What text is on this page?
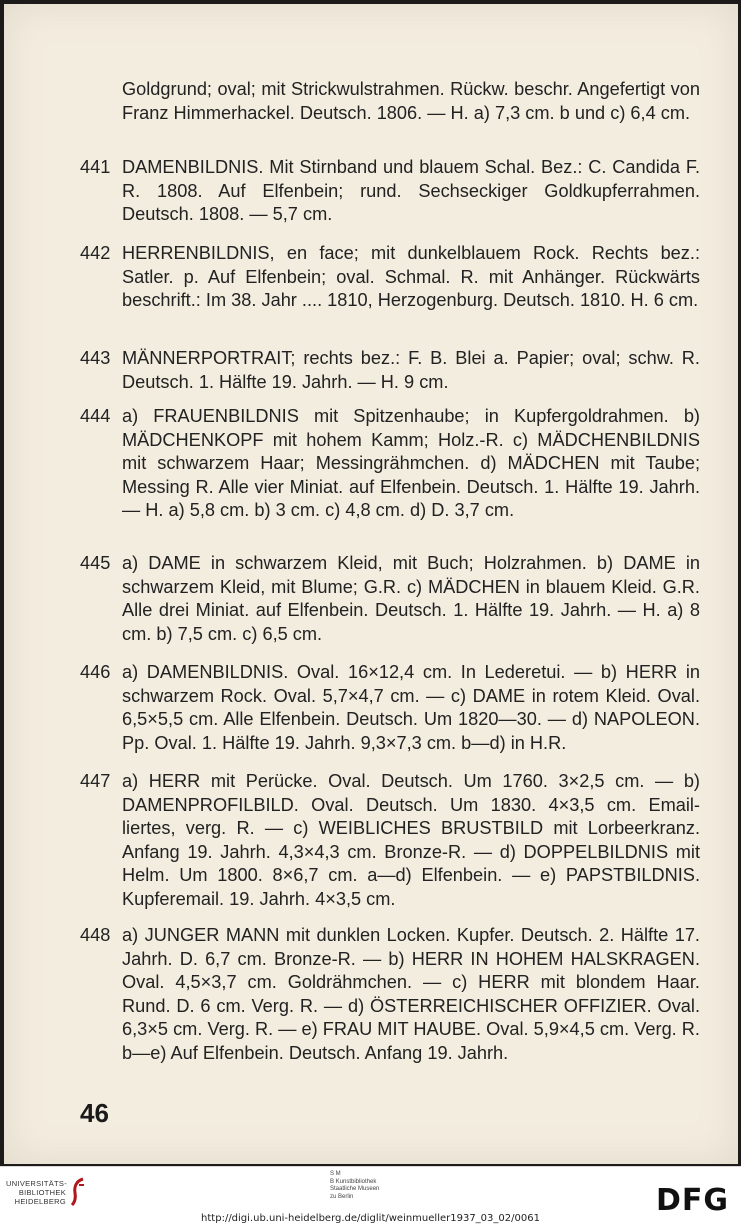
Goldgrund; oval; mit Strickwulstrahmen. Rückw. beschr. Angefertigt von Franz Himmerhackel. Deutsch. 1806. — H. a) 7,3 cm. b und c) 6,4 cm.
441 DAMENBILDNIS. Mit Stirnband und blauem Schal. Bez.: C. Candida F. R. 1808. Auf Elfenbein; rund. Sechseckiger Goldkupferrahmen. Deutsch. 1808. — 5,7 cm.
442 HERRENBILDNIS, en face; mit dunkelblauem Rock. Rechts bez.: Satler. p. Auf Elfenbein; oval. Schmal. R. mit Anhänger. Rückwärts beschrift.: Im 38. Jahr .... 1810, Herzogenburg. Deutsch. 1810. H. 6 cm.
443 MÄNNERPORTRAIT; rechts bez.: F. B. Blei a. Papier; oval; schw. R. Deutsch. 1. Hälfte 19. Jahrh. — H. 9 cm.
444 a) FRAUENBILDNIS mit Spitzenhaube; in Kupfergoldrahmen. b) MÄDCHENKOPF mit hohem Kamm; Holz.-R. c) MÄDCHENBILDNIS mit schwarzem Haar; Messingrähmchen. d) MÄDCHEN mit Taube; Messing R. Alle vier Miniat. auf Elfenbein. Deutsch. 1. Hälfte 19. Jahrh. — H. a) 5,8 cm. b) 3 cm. c) 4,8 cm. d) D. 3,7 cm.
445 a) DAME in schwarzem Kleid, mit Buch; Holzrahmen. b) DAME in schwarzem Kleid, mit Blume; G.R. c) MÄDCHEN in blauem Kleid. G.R. Alle drei Miniat. auf Elfenbein. Deutsch. 1. Hälfte 19. Jahrh. — H. a) 8 cm. b) 7,5 cm. c) 6,5 cm.
446 a) DAMENBILDNIS. Oval. 16×12,4 cm. In Lederetui. — b) HERR in schwarzem Rock. Oval. 5,7×4,7 cm. — c) DAME in rotem Kleid. Oval. 6,5×5,5 cm. Alle Elfenbein. Deutsch. Um 1820—30. — d) NAPOLEON. Pp. Oval. 1. Hälfte 19. Jahrh. 9,3×7,3 cm. b—d) in H.R.
447 a) HERR mit Perücke. Oval. Deutsch. Um 1760. 3×2,5 cm. — b) DAMENPROFILBILD. Oval. Deutsch. Um 1830. 4×3,5 cm. Email-liertes, verg. R. — c) WEIBLICHES BRUSTBILD mit Lorbeerkranz. Anfang 19. Jahrh. 4,3×4,3 cm. Bronze-R. — d) DOPPELBILDNIS mit Helm. Um 1800. 8×6,7 cm. a—d) Elfenbein. — e) PAPSTBILDNIS. Kupferemail. 19. Jahrh. 4×3,5 cm.
448 a) JUNGER MANN mit dunklen Locken. Kupfer. Deutsch. 2. Hälfte 17. Jahrh. D. 6,7 cm. Bronze-R. — b) HERR IN HOHEM HALSKRAGEN. Oval. 4,5×3,7 cm. Goldrähmchen. — c) HERR mit blondem Haar. Rund. D. 6 cm. Verg. R. — d) ÖSTERREICHISCHER OFFIZIER. Oval. 6,3×5 cm. Verg. R. — e) FRAU MIT HAUBE. Oval. 5,9×4,5 cm. Verg. R. b—e) Auf Elfenbein. Deutsch. Anfang 19. Jahrh.
46
UNIVERSITÄTS-
BIBLIOTHEK
HEIDELBERG
S M
B Kunstbibliothek
Staatliche Museen
zu Berlin	DFG
http://digi.ub.uni-heidelberg.de/diglit/weinmueller1937_03_02/0061
